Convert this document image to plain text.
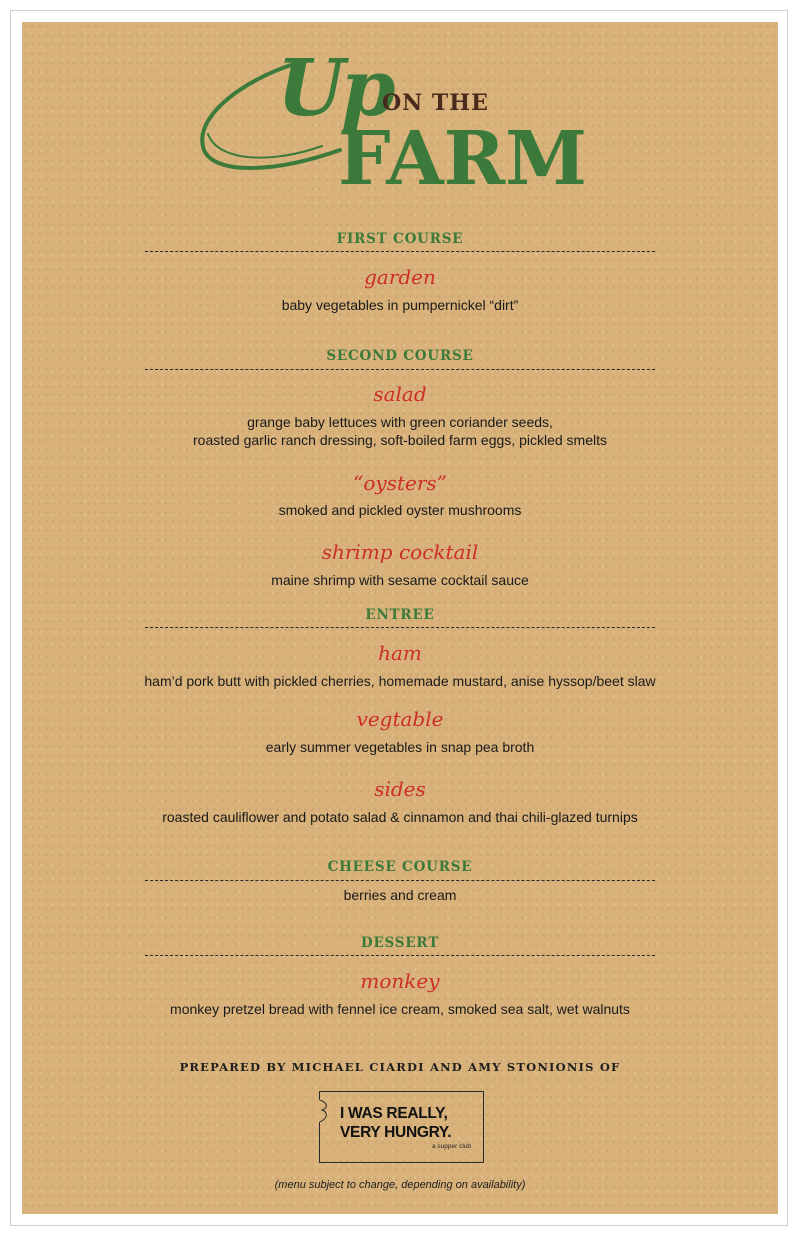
Up
ON THE
FARM
FIRST COURSE
garden
baby vegetables in pumpernickel “dirt”
SECOND COURSE
salad
grange baby lettuces with green coriander seeds,
roasted garlic ranch dressing, soft-boiled farm eggs, pickled smelts
“oysters”
smoked and pickled oyster mushrooms
shrimp cocktail
maine shrimp with sesame cocktail sauce
ENTREE
ham
ham’d pork butt with pickled cherries, homemade mustard, anise hyssop/beet slaw
vegtable
early summer vegetables in snap pea broth
sides
roasted cauliflower and potato salad & cinnamon and thai chili-glazed turnips
CHEESE COURSE
berries and cream
DESSERT
monkey
monkey pretzel bread with fennel ice cream, smoked sea salt, wet walnuts
PREPARED BY MICHAEL CIARDI AND AMY STONIONIS OF
I WAS REALLY,
VERY HUNGRY.
a supper club
(menu subject to change, depending on availability)
